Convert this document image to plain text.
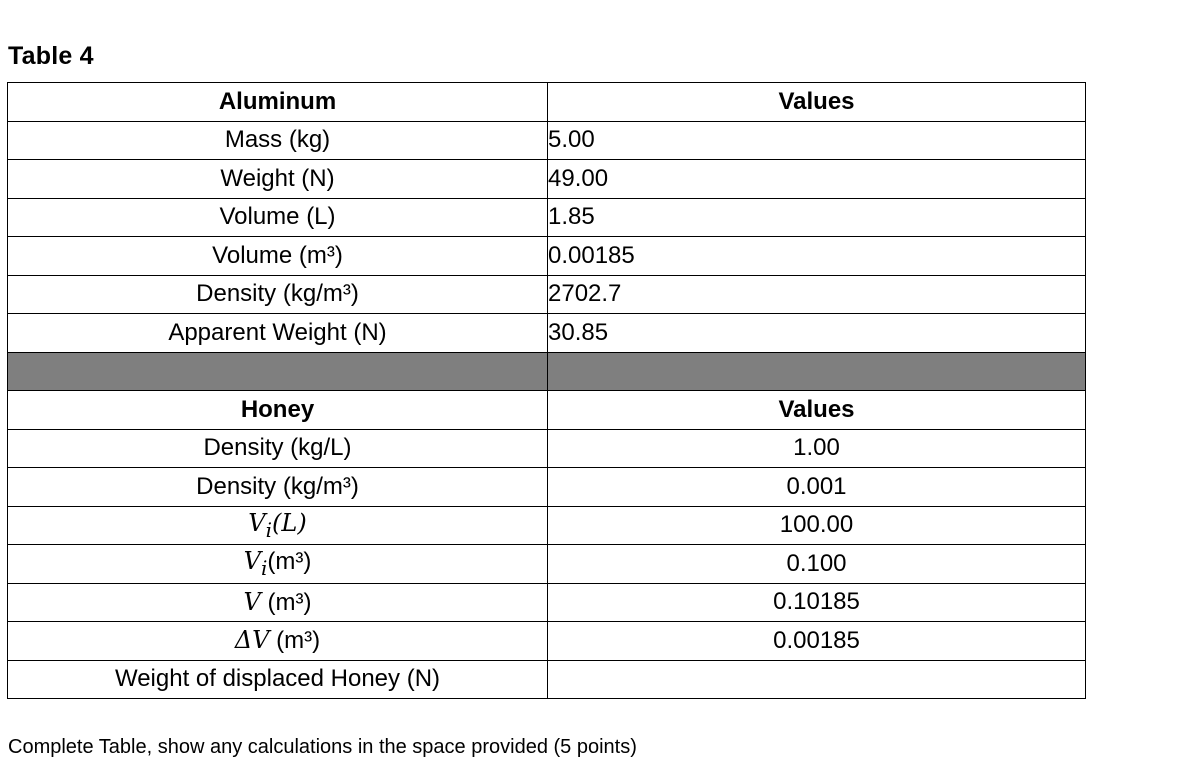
Table 4
Aluminum	Values
Mass (kg)	5.00
Weight (N)	49.00
Volume (L)	1.85
Volume (m³)	0.00185
Density (kg/m³)	2702.7
Apparent Weight (N)	30.85

Honey	Values
Density (kg/L)	1.00
Density (kg/m³)	0.001
$V_i(L)$	100.00
$V_i(m^3)$	0.100
V (m³)	0.10185
ΔV (m³)	0.00185
Weight of displaced Honey (N)	
Complete Table, show any calculations in the space provided (5 points)
